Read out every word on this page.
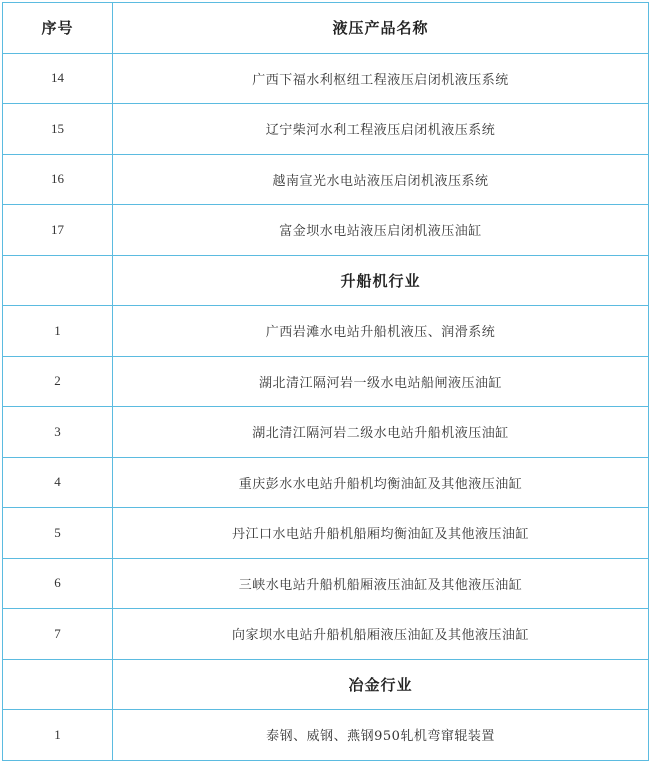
序号	液压产品名称
14	广西下福水利枢纽工程液压启闭机液压系统
15	辽宁柴河水利工程液压启闭机液压系统
16	越南宣光水电站液压启闭机液压系统
17	富金坝水电站液压启闭机液压油缸
	升船机行业
1	广西岩滩水电站升船机液压、润滑系统
2	湖北清江隔河岩一级水电站船闸液压油缸
3	湖北清江隔河岩二级水电站升船机液压油缸
4	重庆彭水水电站升船机均衡油缸及其他液压油缸
5	丹江口水电站升船机船厢均衡油缸及其他液压油缸
6	三峡水电站升船机船厢液压油缸及其他液压油缸
7	向家坝水电站升船机船厢液压油缸及其他液压油缸
	冶金行业
1	泰钢、威钢、燕钢950轧机弯窜辊装置
